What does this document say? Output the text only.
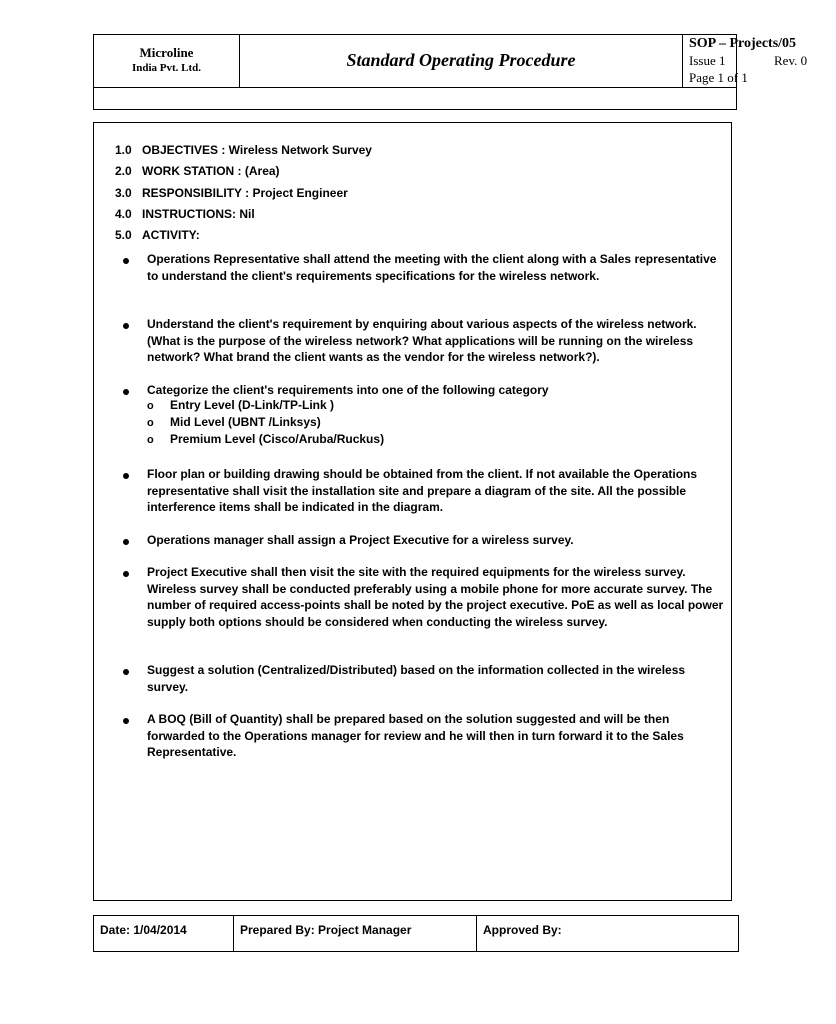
Microline
India Pvt. Ltd.	Standard Operating Procedure
SOP – Projects/05
Issue 1	Rev. 0
Page 1 of 1
1.0 OBJECTIVES : Wireless Network Survey
2.0 WORK STATION : (Area)
3.0 RESPONSIBILITY : Project Engineer
4.0 INSTRUCTIONS: Nil
5.0 ACTIVITY:
Operations Representative shall attend the meeting with the client along with a Sales representative to understand the client's requirements specifications for the wireless network.
Understand the client's requirement by enquiring about various aspects of the wireless network. (What is the purpose of the wireless network? What applications will be running on the wireless network? What brand the client wants as the vendor for the wireless network?).
Categorize the client's requirements into one of the following category
o Entry Level (D-Link/TP-Link )
o Mid Level (UBNT /Linksys)
o Premium Level (Cisco/Aruba/Ruckus)
Floor plan or building drawing should be obtained from the client. If not available the Operations representative shall visit the installation site and prepare a diagram of the site. All the possible interference items shall be indicated in the diagram.
Operations manager shall assign a Project Executive for a wireless survey.
Project Executive shall then visit the site with the required equipments for the wireless survey. Wireless survey shall be conducted preferably using a mobile phone for more accurate survey. The number of required access-points shall be noted by the project executive. PoE as well as local power supply both options should be considered when conducting the wireless survey.
Suggest a solution (Centralized/Distributed) based on the information collected in the wireless survey.
A BOQ (Bill of Quantity) shall be prepared based on the solution suggested and will be then forwarded to the Operations manager for review and he will then in turn forward it to the Sales Representative.
Date: 1/04/2014	Prepared By: Project Manager	Approved By:
